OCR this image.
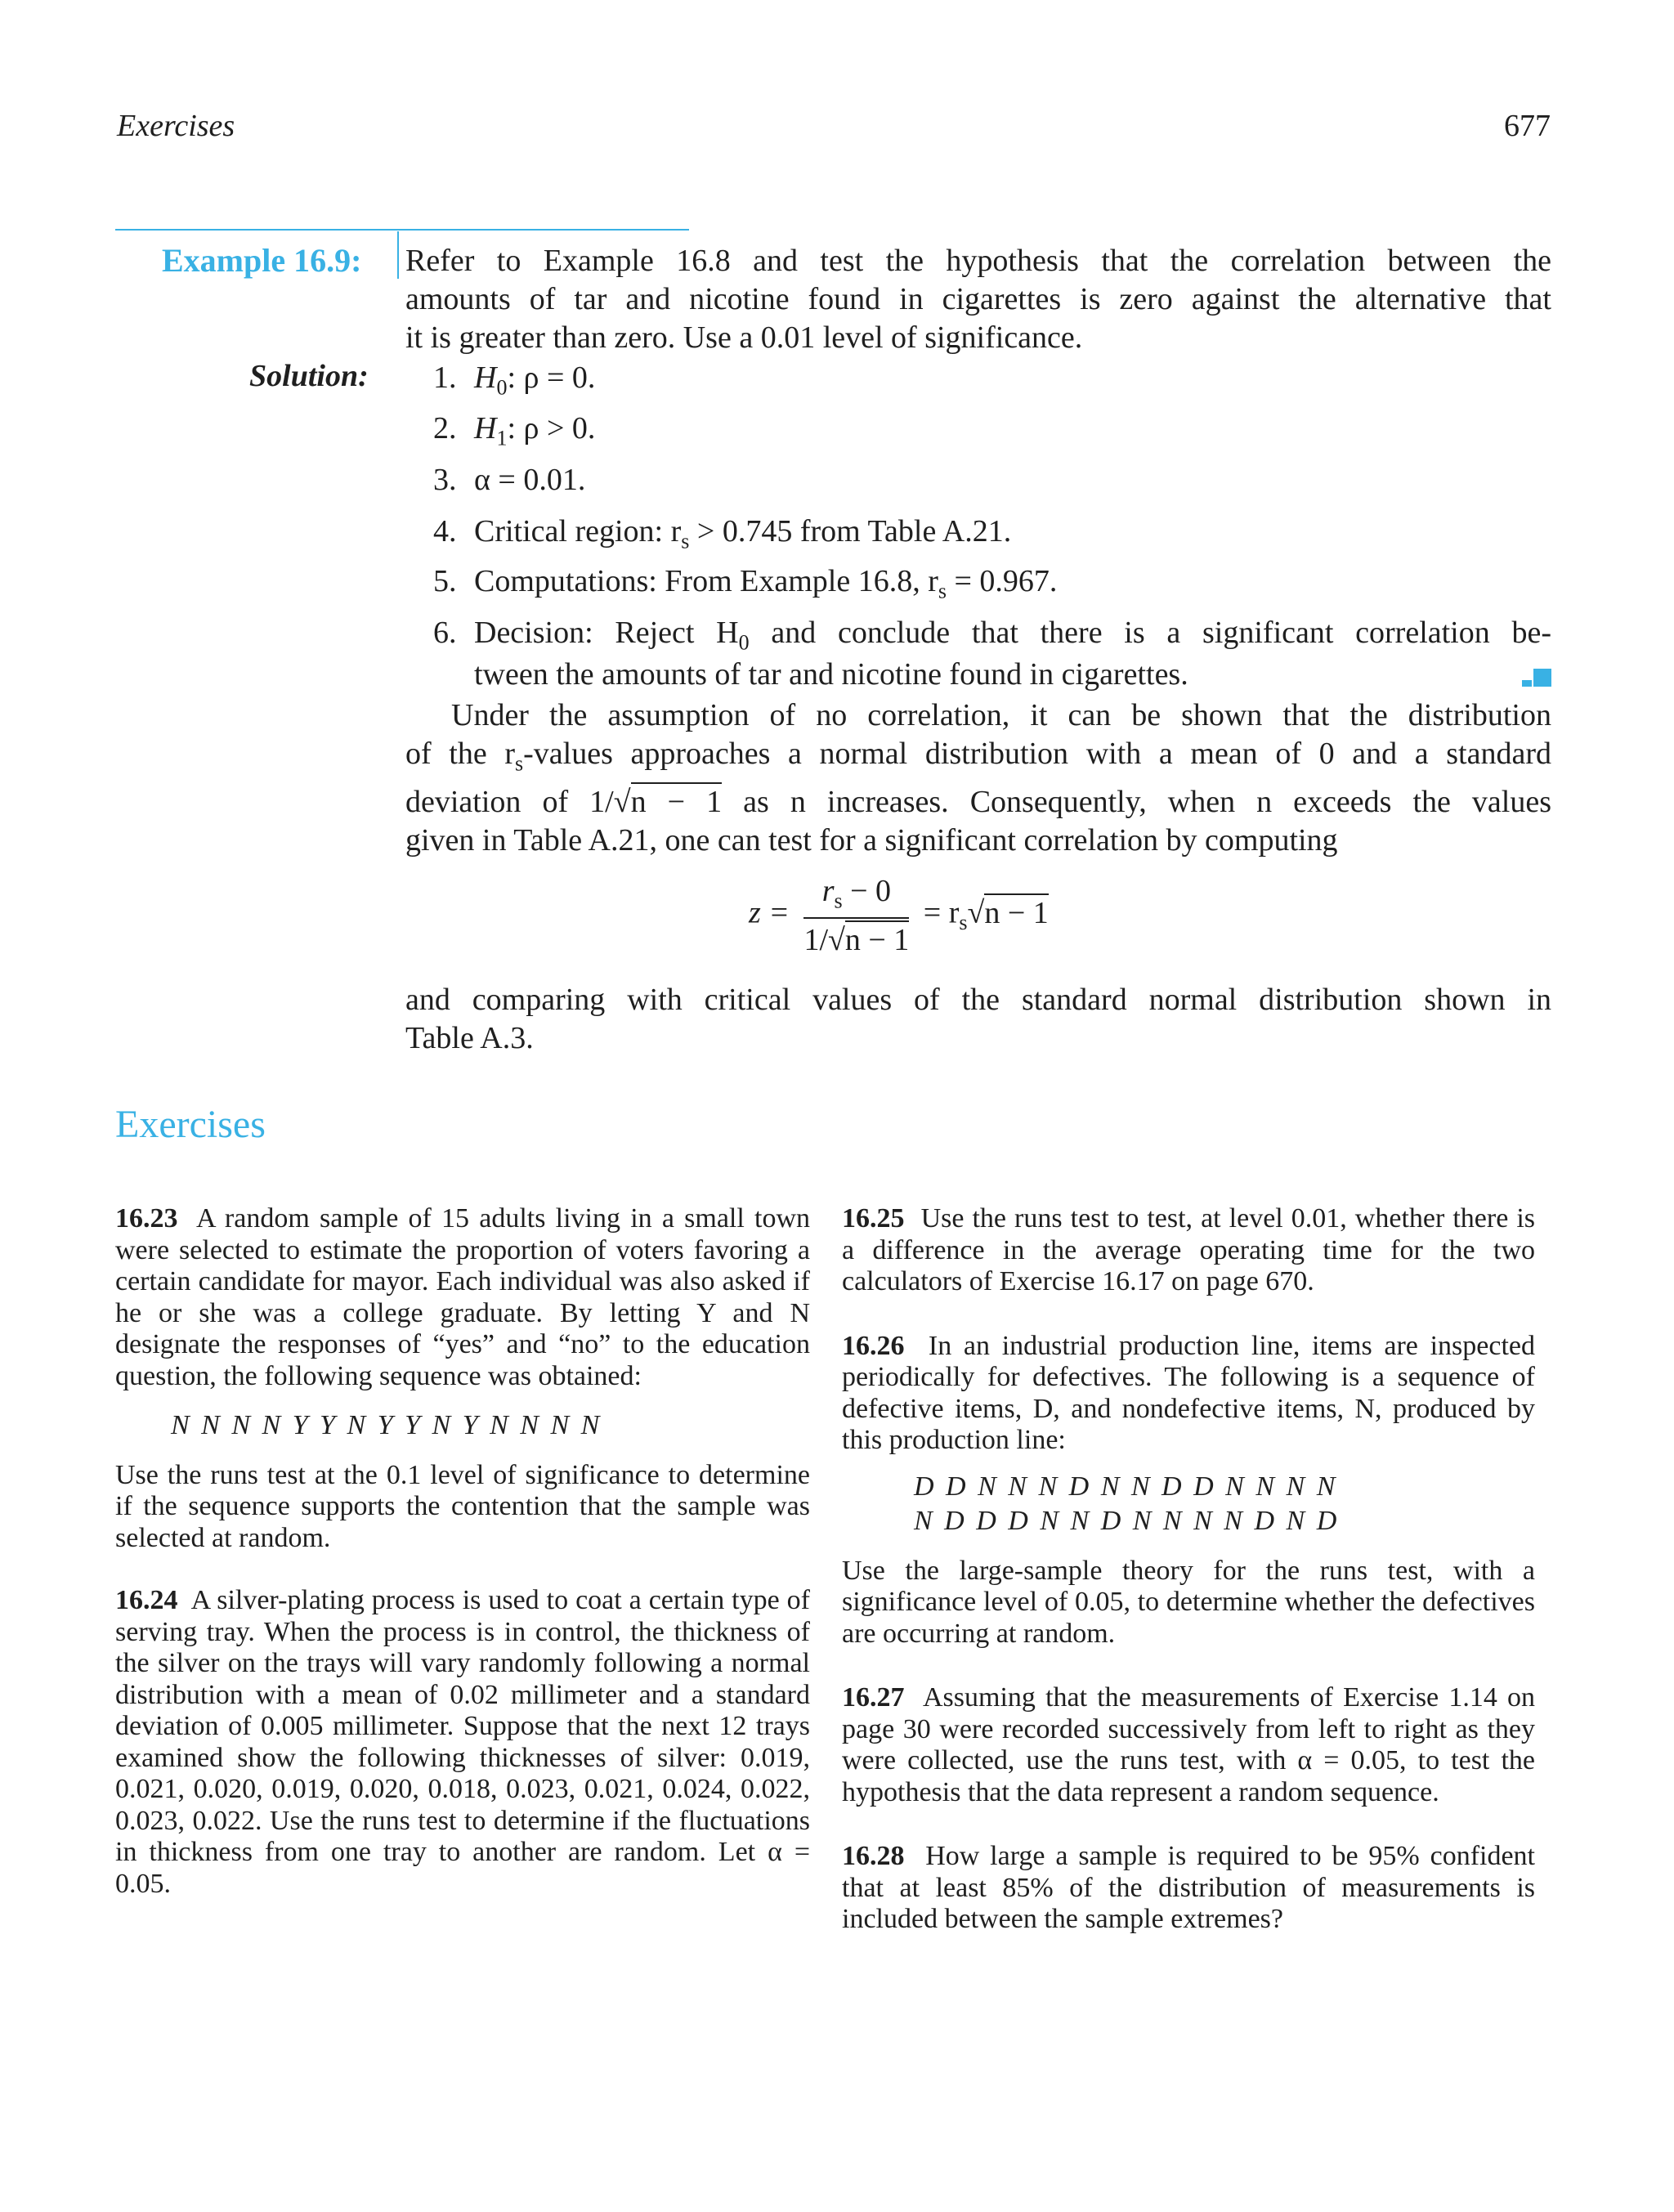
Exercises	677
Example 16.9: Refer to Example 16.8 and test the hypothesis that the correlation between the
amounts of tar and nicotine found in cigarettes is zero against the alternative that
it is greater than zero. Use a 0.01 level of significance.
Solution: 1. $H_0$: ρ = 0.
2. $H_1$: ρ > 0.
3. α = 0.01.
4. Critical region: $r_s > 0.745$ from Table A.21.
5. Computations: From Example 16.8, $r_s = 0.967$.
6. Decision: Reject $H_0$ and conclude that there is a significant correlation be-
tween the amounts of tar and nicotine found in cigarettes.
Under the assumption of no correlation, it can be shown that the distribution
of the $r_s$-values approaches a normal distribution with a mean of 0 and a standard
deviation of 1/√n − 1 as n increases. Consequently, when n exceeds the values
given in Table A.21, one can test for a significant correlation by computing
$z = \frac{r_s - 0}{1/√n - 1} = r_s√n - 1$
and comparing with critical values of the standard normal distribution shown in
Table A.3.
Exercises

16.23 A random sample of 15 adults living in a small town were selected to estimate the proportion of voters favoring a certain candidate for mayor. Each individual was also asked if he or she was a college graduate. By letting Y and N designate the responses of “yes” and “no” to the education question, the following sequence was obtained:

N N N N Y Y N Y Y N Y N N N N

Use the runs test at the 0.1 level of significance to determine if the sequence supports the contention that the sample was selected at random.

16.24 A silver-plating process is used to coat a certain type of serving tray. When the process is in control, the thickness of the silver on the trays will vary randomly following a normal distribution with a mean of 0.02 millimeter and a standard deviation of 0.005 millimeter. Suppose that the next 12 trays examined show the following thicknesses of silver: 0.019, 0.021, 0.020, 0.019, 0.020, 0.018, 0.023, 0.021, 0.024, 0.022, 0.023, 0.022. Use the runs test to determine if the fluctuations in thickness from one tray to another are random. Let α = 0.05.

16.25 Use the runs test to test, at level 0.01, whether there is a difference in the average operating time for the two calculators of Exercise 16.17 on page 670.

16.26 In an industrial production line, items are inspected periodically for defectives. The following is a sequence of defective items, D, and nondefective items, N, produced by this production line:

D D N N N D N N D D N N N N
N D D D N N D N N N N D N D

Use the large-sample theory for the runs test, with a significance level of 0.05, to determine whether the defectives are occurring at random.

16.27 Assuming that the measurements of Exercise 1.14 on page 30 were recorded successively from left to right as they were collected, use the runs test, with α = 0.05, to test the hypothesis that the data represent a random sequence.

16.28 How large a sample is required to be 95% confident that at least 85% of the distribution of measurements is included between the sample extremes?
